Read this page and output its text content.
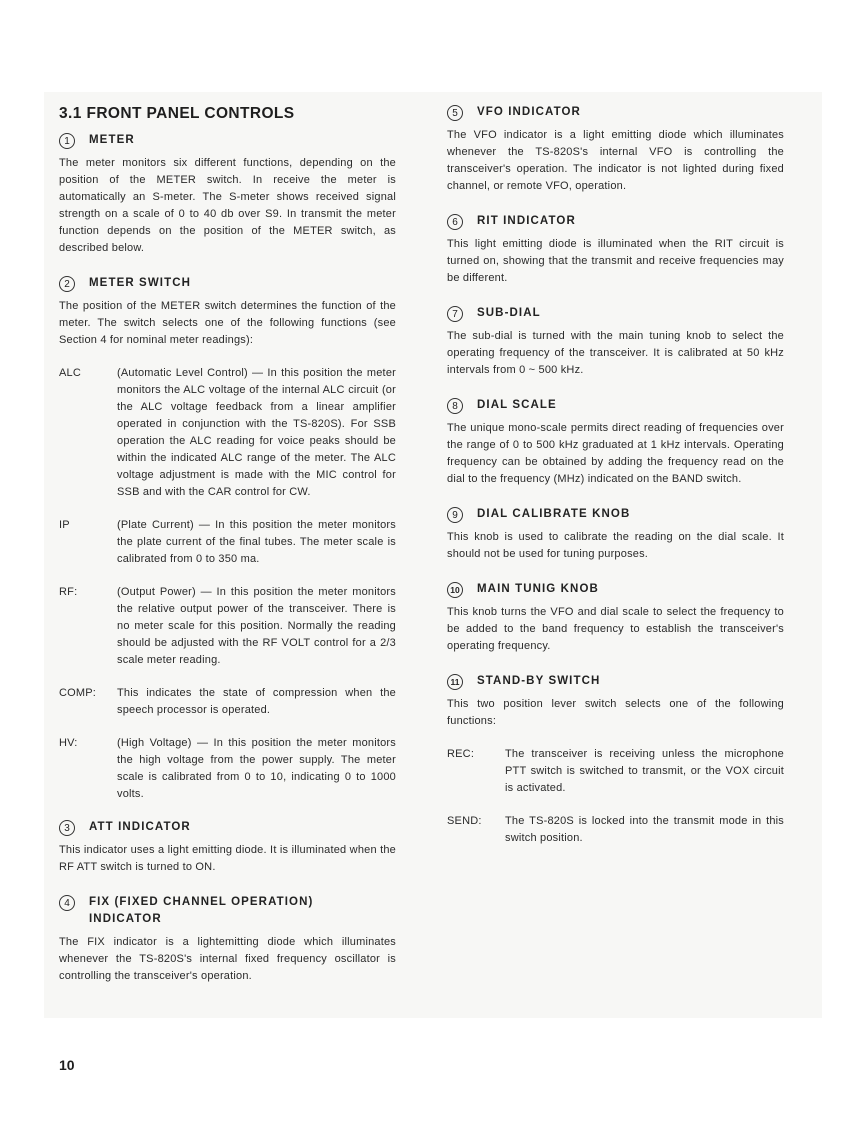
3.1 FRONT PANEL CONTROLS
1	METER

The meter monitors six different functions, depending on the position of the METER switch. In receive the meter is automatically an S-meter. The S-meter shows received signal strength on a scale of 0 to 40 db over S9. In transmit the meter function depends on the position of the METER switch, as described below.

2	METER SWITCH

The position of the METER switch determines the function of the meter. The switch selects one of the following functions (see Section 4 for nominal meter readings):

ALC	(Automatic Level Control) — In this position the meter monitors the ALC voltage of the internal ALC circuit (or the ALC voltage feedback from a linear amplifier operated in conjunction with the TS-820S). For SSB operation the ALC reading for voice peaks should be within the indicated ALC range of the meter. The ALC voltage adjustment is made with the MIC control for SSB and with the CAR control for CW.
IP	(Plate Current) — In this position the meter monitors the plate current of the final tubes. The meter scale is calibrated from 0 to 350 ma.
RF:	(Output Power) — In this position the meter monitors the relative output power of the transceiver. There is no meter scale for this position. Normally the reading should be adjusted with the RF VOLT control for a 2/3 scale meter reading.
COMP:	This indicates the state of compression when the speech processor is operated.
HV:	(High Voltage) — In this position the meter monitors the high voltage from the power supply. The meter scale is calibrated from 0 to 10, indicating 0 to 1000 volts.
3	ATT INDICATOR

This indicator uses a light emitting diode. It is illuminated when the RF ATT switch is turned to ON.

4	FIX (FIXED CHANNEL OPERATION)
INDICATOR

The FIX indicator is a lightemitting diode which illuminates whenever the TS-820S's internal fixed frequency oscillator is controlling the transceiver's operation.

5	VFO INDICATOR

The VFO indicator is a light emitting diode which illuminates whenever the TS-820S's internal VFO is controlling the transceiver's operation. The indicator is not lighted during fixed channel, or remote VFO, operation.

6	RIT INDICATOR

This light emitting diode is illuminated when the RIT circuit is turned on, showing that the transmit and receive frequencies may be different.

7	SUB-DIAL

The sub-dial is turned with the main tuning knob to select the operating frequency of the transceiver. It is calibrated at 50 kHz intervals from 0 ~ 500 kHz.

8	DIAL SCALE

The unique mono-scale permits direct reading of frequencies over the range of 0 to 500 kHz graduated at 1 kHz intervals. Operating frequency can be obtained by adding the frequency read on the dial to the frequency (MHz) indicated on the BAND switch.

9	DIAL CALIBRATE KNOB

This knob is used to calibrate the reading on the dial scale. It should not be used for tuning purposes.

10 MAIN TUNIG KNOB

This knob turns the VFO and dial scale to select the frequency to be added to the band frequency to establish the transceiver's operating frequency.

11	STAND-BY SWITCH

This two position lever switch selects one of the following functions:

REC:	The transceiver is receiving unless the microphone PTT switch is switched to transmit, or the VOX circuit is activated.
SEND:	The TS-820S is locked into the transmit mode in this switch position.
10
